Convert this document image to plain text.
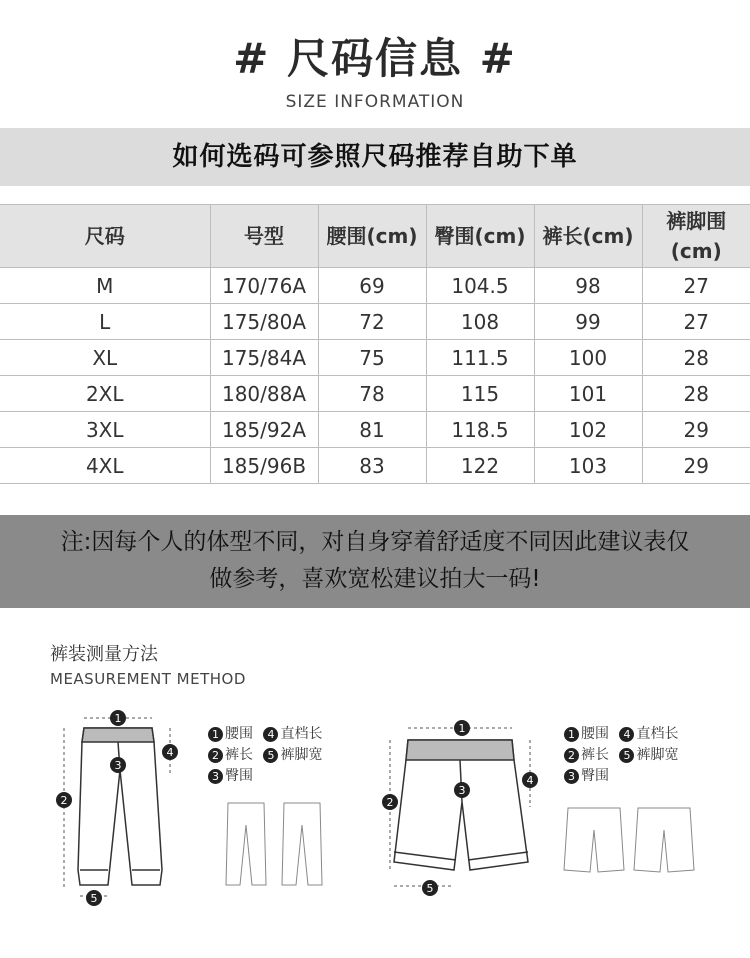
# 尺码信息 #
SIZE INFORMATION
如何选码可参照尺码推荐自助下单
尺码	号型	腰围(cm)	臀围(cm)	裤长(cm)	裤脚围
(cm)
M	170/76A	69	104.5	98	27
L	175/80A	72	108	99	27
XL	175/84A	75	111.5	100	28
2XL	180/88A	78	115	101	28
3XL	185/92A	81	118.5	102	29
4XL	185/96B	83	122	103	29
注:因每个人的体型不同，对自身穿着舒适度不同因此建议表仅
做参考，喜欢宽松建议拍大一码!
裤装测量方法
MEASUREMENT METHOD
1
2
3
4
5
1 腰围 4 直档长
2 裤长 5 裤脚宽
3 臀围
1
2
3
4
5
1 腰围 4 直档长
2 裤长 5 裤脚宽
3 臀围
